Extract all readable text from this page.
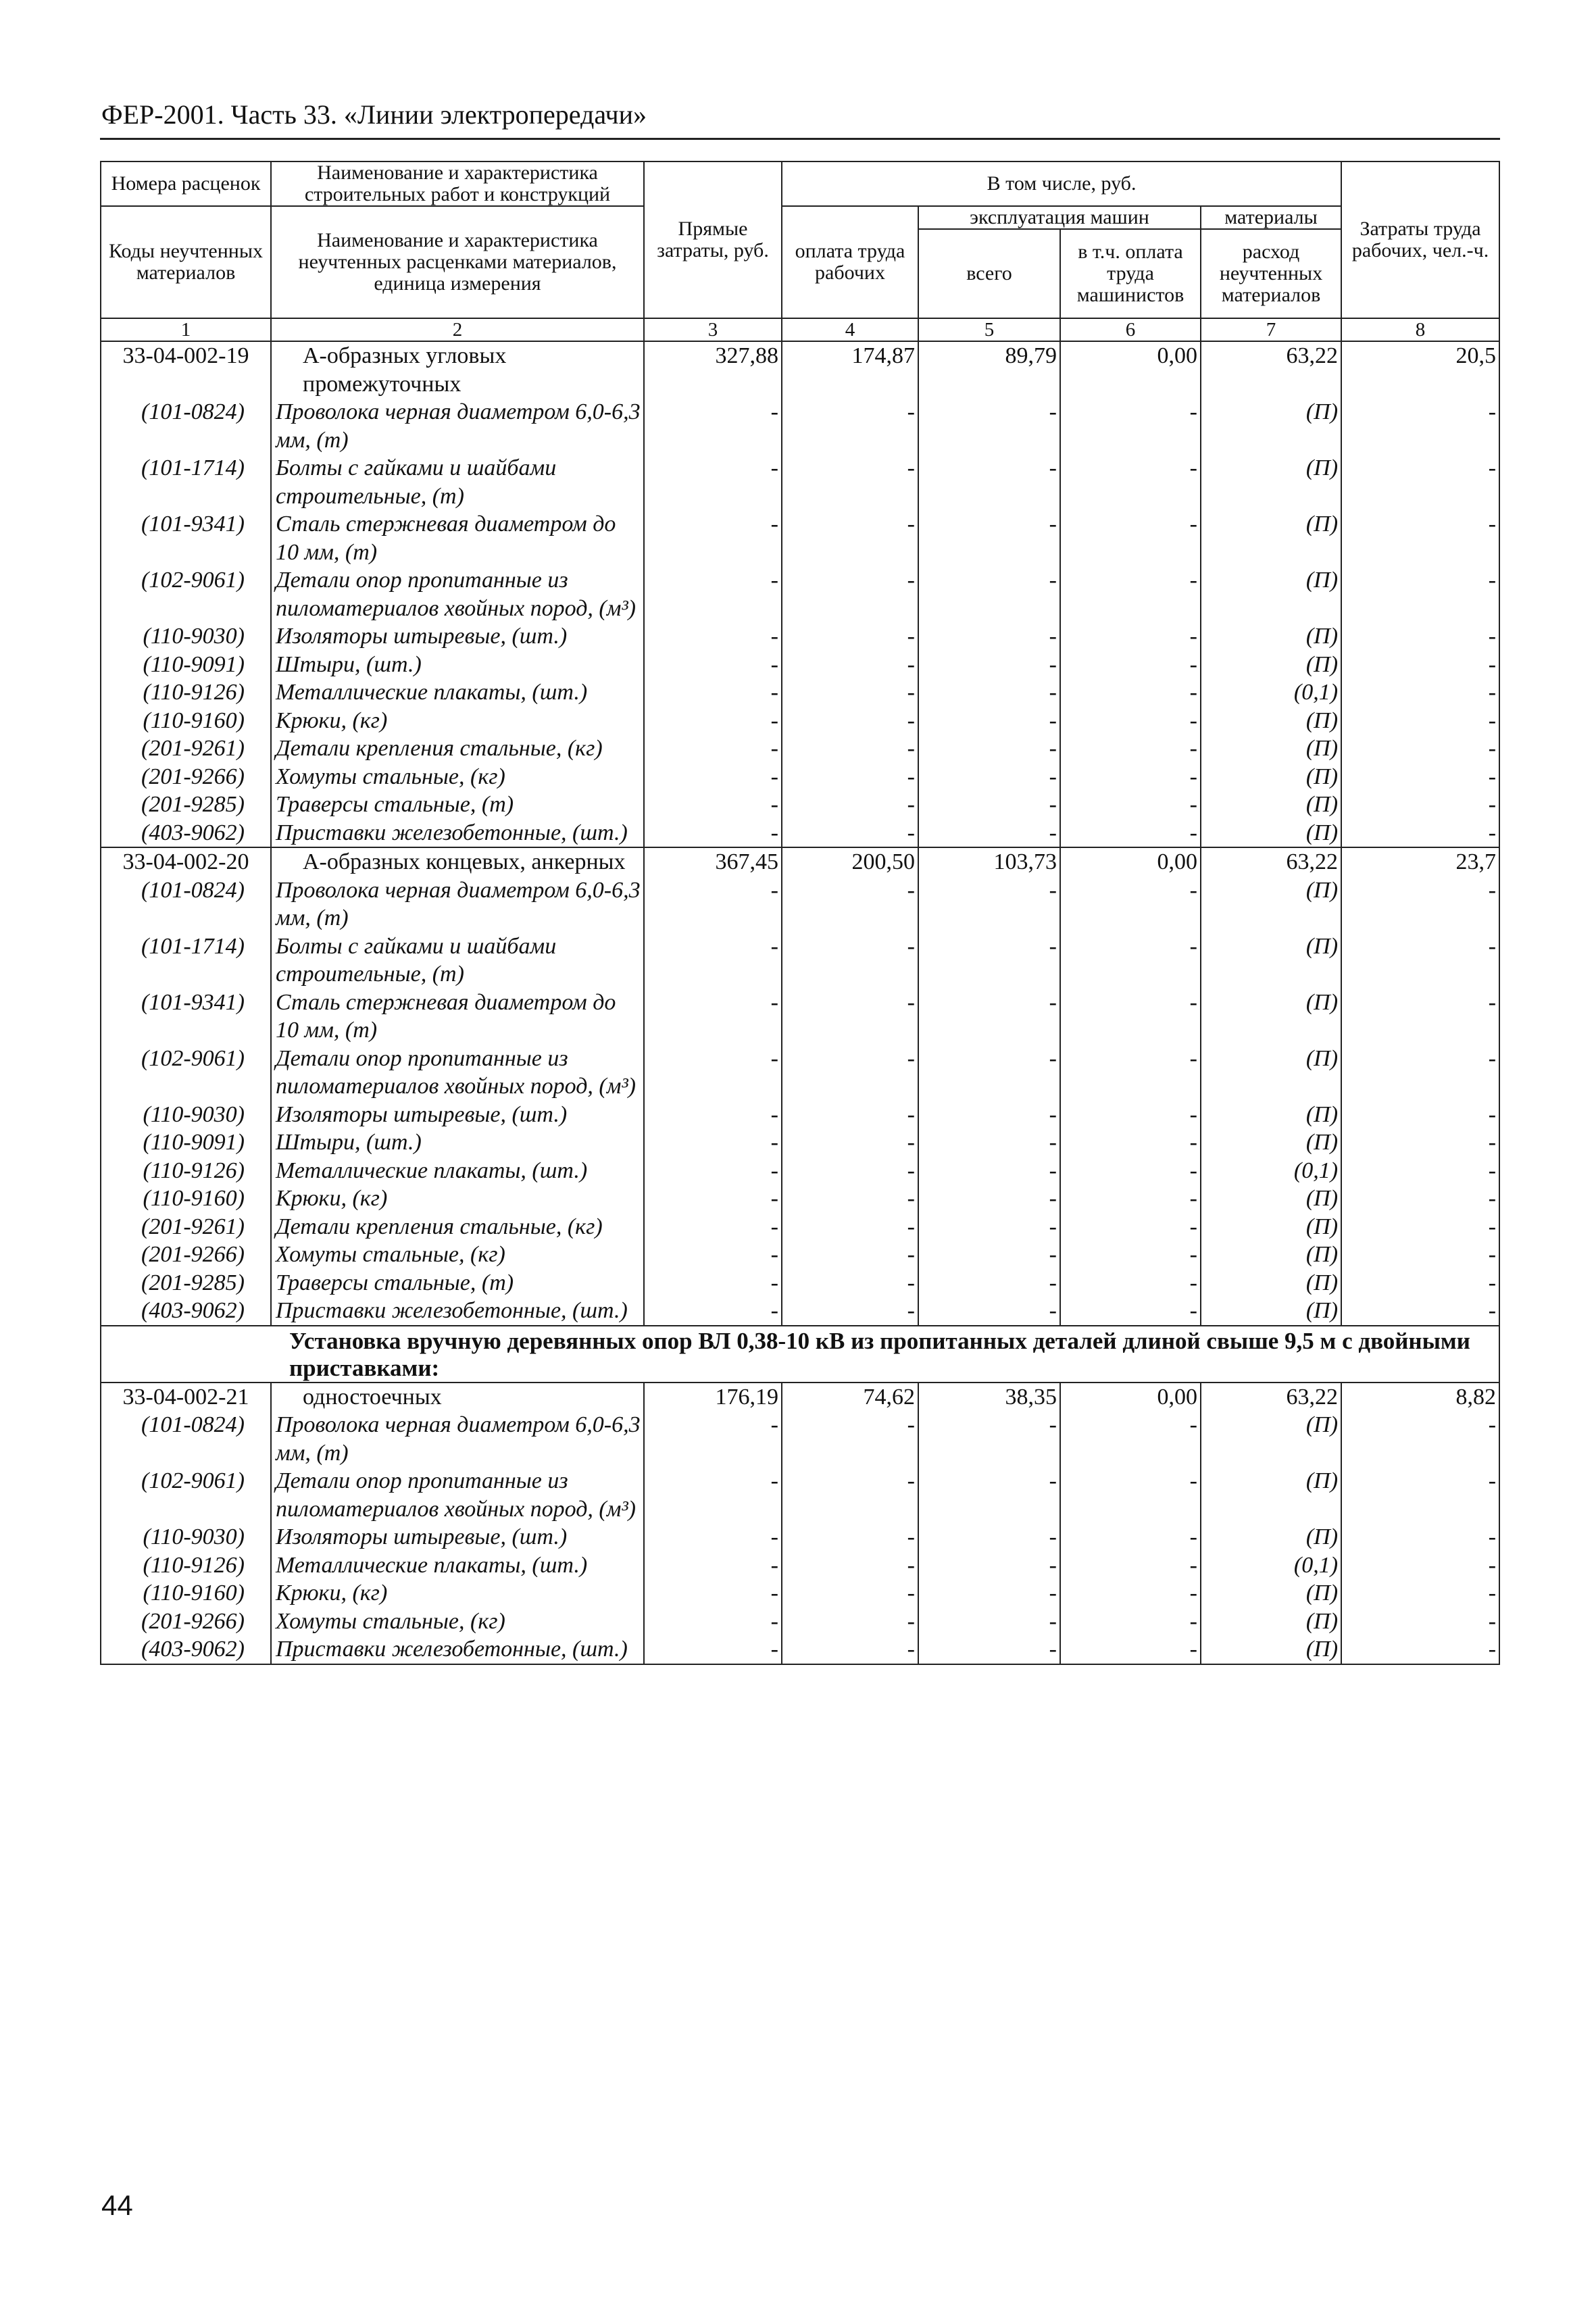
ФЕР-2001. Часть 33. «Линии электропередачи»
Номера расценок	Наименование и характеристика строительных работ и конструкций	Прямые затраты, руб.	В том числе, руб.				Затраты труда рабочих, чел.-ч.
Коды неучтенных материалов	Наименование и характеристика неучтенных расценками материалов, единица измерения		оплата труда рабочих	эксплуатация машин		материалы	
				всего	в т.ч. оплата труда машинистов	расход неучтенных материалов	
1	2	3	4	5	6	7	8
33-04-002-19	А-образных угловых промежуточных	327,88	174,87	89,79	0,00	63,22	20,5
(101-0824)	Проволока черная диаметром 6,0-6,3 мм, (т)	-	-	-	-	(П)	-
(101-1714)	Болты с гайками и шайбами строительные, (т)	-	-	-	-	(П)	-
(101-9341)	Сталь стержневая диаметром до 10 мм, (т)	-	-	-	-	(П)	-
(102-9061)	Детали опор пропитанные из пиломатериалов хвойных пород, (м³)	-	-	-	-	(П)	-
(110-9030)	Изоляторы штыревые, (шт.)	-	-	-	-	(П)	-
(110-9091)	Штыри, (шт.)	-	-	-	-	(П)	-
(110-9126)	Металлические плакаты, (шт.)	-	-	-	-	(0,1)	-
(110-9160)	Крюки, (кг)	-	-	-	-	(П)	-
(201-9261)	Детали крепления стальные, (кг)	-	-	-	-	(П)	-
(201-9266)	Хомуты стальные, (кг)	-	-	-	-	(П)	-
(201-9285)	Траверсы стальные, (т)	-	-	-	-	(П)	-
(403-9062)	Приставки железобетонные, (шт.)	-	-	-	-	(П)	-
33-04-002-20	А-образных концевых, анкерных	367,45	200,50	103,73	0,00	63,22	23,7
(101-0824)	Проволока черная диаметром 6,0-6,3 мм, (т)	-	-	-	-	(П)	-
(101-1714)	Болты с гайками и шайбами строительные, (т)	-	-	-	-	(П)	-
(101-9341)	Сталь стержневая диаметром до 10 мм, (т)	-	-	-	-	(П)	-
(102-9061)	Детали опор пропитанные из пиломатериалов хвойных пород, (м³)	-	-	-	-	(П)	-
(110-9030)	Изоляторы штыревые, (шт.)	-	-	-	-	(П)	-
(110-9091)	Штыри, (шт.)	-	-	-	-	(П)	-
(110-9126)	Металлические плакаты, (шт.)	-	-	-	-	(0,1)	-
(110-9160)	Крюки, (кг)	-	-	-	-	(П)	-
(201-9261)	Детали крепления стальные, (кг)	-	-	-	-	(П)	-
(201-9266)	Хомуты стальные, (кг)	-	-	-	-	(П)	-
(201-9285)	Траверсы стальные, (т)	-	-	-	-	(П)	-
(403-9062)	Приставки железобетонные, (шт.)	-	-	-	-	(П)	-
Установка вручную деревянных опор ВЛ 0,38-10 кВ из пропитанных деталей длиной свыше 9,5 м с двойными приставками:							
33-04-002-21	одностоечных	176,19	74,62	38,35	0,00	63,22	8,82
(101-0824)	Проволока черная диаметром 6,0-6,3 мм, (т)	-	-	-	-	(П)	-
(102-9061)	Детали опор пропитанные из пиломатериалов хвойных пород, (м³)	-	-	-	-	(П)	-
(110-9030)	Изоляторы штыревые, (шт.)	-	-	-	-	(П)	-
(110-9126)	Металлические плакаты, (шт.)	-	-	-	-	(0,1)	-
(110-9160)	Крюки, (кг)	-	-	-	-	(П)	-
(201-9266)	Хомуты стальные, (кг)	-	-	-	-	(П)	-
(403-9062)	Приставки железобетонные, (шт.)	-	-	-	-	(П)	-
44
